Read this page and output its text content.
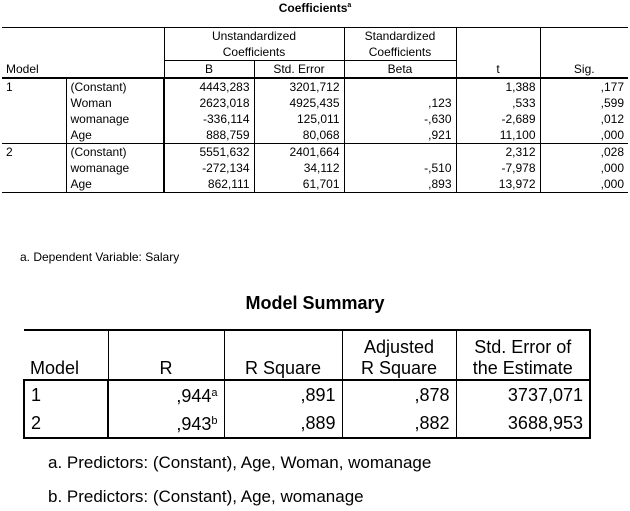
Coefficients$^a$
Model		Unstandardized		Standardized	t	Sig.
		Coefficients		Coefficients		
		B	Std. Error	Beta		
1	(Constant)	4443,283	3201,712		1,388	,177
	Woman	2623,018	4925,435	,123	,533	,599
	womanage	-336,114	125,011	-,630	-2,689	,012
	Age	888,759	80,068	,921	11,100	,000
2	(Constant)	5551,632	2401,664		2,312	,028
	womanage	-272,134	34,112	-,510	-7,978	,000
	Age	862,111	61,701	,893	13,972	,000
a. Dependent Variable: Salary
Model Summary
Model	R	R Square	Adjusted	Std. Error of
			R Square	the Estimate
1	,944$^a$	,891	,878	3737,071
2	,943$^b$	,889	,882	3688,953
a. Predictors: (Constant), Age, Woman, womanage
b. Predictors: (Constant), Age, womanage
